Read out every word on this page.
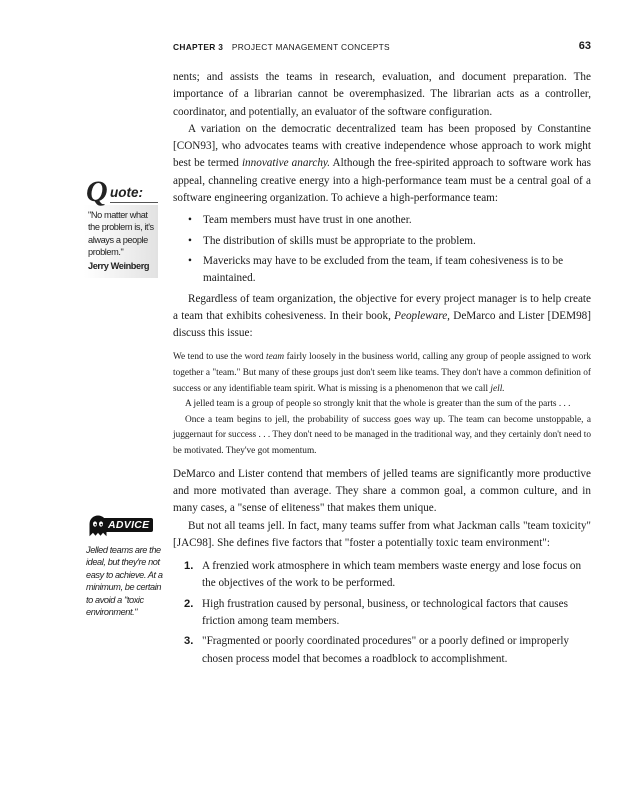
CHAPTER 3 PROJECT MANAGEMENT CONCEPTS	63

nents; and assists the teams in research, evaluation, and document preparation. The importance of a librarian cannot be overemphasized. The librarian acts as a controller, coordinator, and potentially, an evaluator of the software configuration.

A variation on the democratic decentralized team has been proposed by Constantine [CON93], who advocates teams with creative independence whose approach to work might best be termed innovative anarchy. Although the free-spirited approach to software work has appeal, channeling creative energy into a high-performance team must be a central goal of a software engineering organization. To achieve a high-performance team:

• Team members must have trust in one another.
• The distribution of skills must be appropriate to the problem.
• Mavericks may have to be excluded from the team, if team cohesiveness is to be maintained.

Regardless of team organization, the objective for every project manager is to help create a team that exhibits cohesiveness. In their book, Peopleware, DeMarco and Lister [DEM98] discuss this issue:

We tend to use the word team fairly loosely in the business world, calling any group of people assigned to work together a "team." But many of these groups just don't seem like teams. They don't have a common definition of success or any identifiable team spirit. What is missing is a phenomenon that we call jell.

A jelled team is a group of people so strongly knit that the whole is greater than the sum of the parts . . .

Once a team begins to jell, the probability of success goes way up. The team can become unstoppable, a juggernaut for success . . . They don't need to be managed in the traditional way, and they certainly don't need to be motivated. They've got momentum.

DeMarco and Lister contend that members of jelled teams are significantly more productive and more motivated than average. They share a common goal, a common culture, and in many cases, a "sense of eliteness" that makes them unique.

But not all teams jell. In fact, many teams suffer from what Jackman calls "team toxicity" [JAC98]. She defines five factors that "foster a potentially toxic team environment":

1. A frenzied work atmosphere in which team members waste energy and lose focus on the objectives of the work to be performed.
2. High frustration caused by personal, business, or technological factors that causes friction among team members.
3. "Fragmented or poorly coordinated procedures" or a poorly defined or improperly chosen process model that becomes a roadblock to accomplishment.
Q uote:
"No matter what the problem is, it's always a people problem."
Jerry Weinberg
ADVICE
Jelled teams are the ideal, but they're not easy to achieve. At a minimum, be certain to avoid a "toxic environment."
